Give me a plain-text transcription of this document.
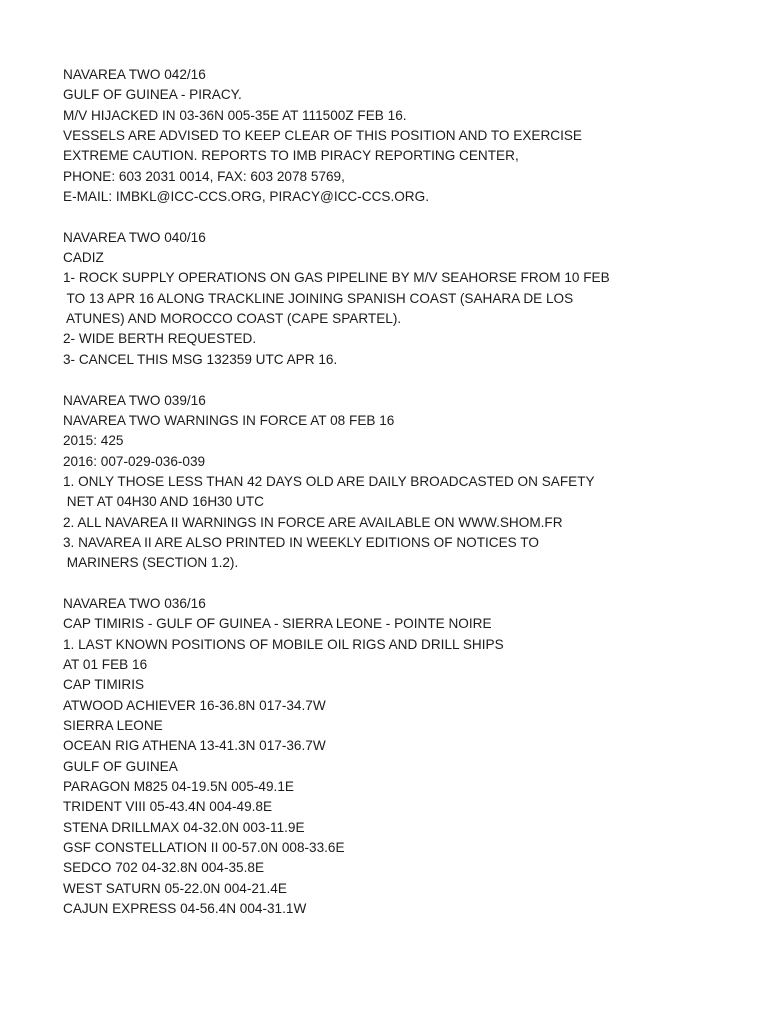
NAVAREA TWO 042/16
GULF OF GUINEA - PIRACY.
M/V HIJACKED IN 03-36N 005-35E AT 111500Z FEB 16.
VESSELS ARE ADVISED TO KEEP CLEAR OF THIS POSITION AND TO EXERCISE
EXTREME CAUTION. REPORTS TO IMB PIRACY REPORTING CENTER,
PHONE: 603 2031 0014, FAX: 603 2078 5769,
E-MAIL: IMBKL@ICC-CCS.ORG, PIRACY@ICC-CCS.ORG.
NAVAREA TWO 040/16
CADIZ
1- ROCK SUPPLY OPERATIONS ON GAS PIPELINE BY M/V SEAHORSE FROM 10 FEB
TO 13 APR 16 ALONG TRACKLINE JOINING SPANISH COAST (SAHARA DE LOS
ATUNES) AND MOROCCO COAST (CAPE SPARTEL).
2- WIDE BERTH REQUESTED.
3- CANCEL THIS MSG 132359 UTC APR 16.
NAVAREA TWO 039/16
NAVAREA TWO WARNINGS IN FORCE AT 08 FEB 16
2015: 425
2016: 007-029-036-039
1. ONLY THOSE LESS THAN 42 DAYS OLD ARE DAILY BROADCASTED ON SAFETY
NET AT 04H30 AND 16H30 UTC
2. ALL NAVAREA II WARNINGS IN FORCE ARE AVAILABLE ON WWW.SHOM.FR
3. NAVAREA II ARE ALSO PRINTED IN WEEKLY EDITIONS OF NOTICES TO
MARINERS (SECTION 1.2).
NAVAREA TWO 036/16
CAP TIMIRIS - GULF OF GUINEA - SIERRA LEONE - POINTE NOIRE
1. LAST KNOWN POSITIONS OF MOBILE OIL RIGS AND DRILL SHIPS
AT 01 FEB 16
CAP TIMIRIS
ATWOOD ACHIEVER 16-36.8N 017-34.7W
SIERRA LEONE
OCEAN RIG ATHENA 13-41.3N 017-36.7W
GULF OF GUINEA
PARAGON M825 04-19.5N 005-49.1E
TRIDENT VIII 05-43.4N 004-49.8E
STENA DRILLMAX 04-32.0N 003-11.9E
GSF CONSTELLATION II 00-57.0N 008-33.6E
SEDCO 702 04-32.8N 004-35.8E
WEST SATURN 05-22.0N 004-21.4E
CAJUN EXPRESS 04-56.4N 004-31.1W
